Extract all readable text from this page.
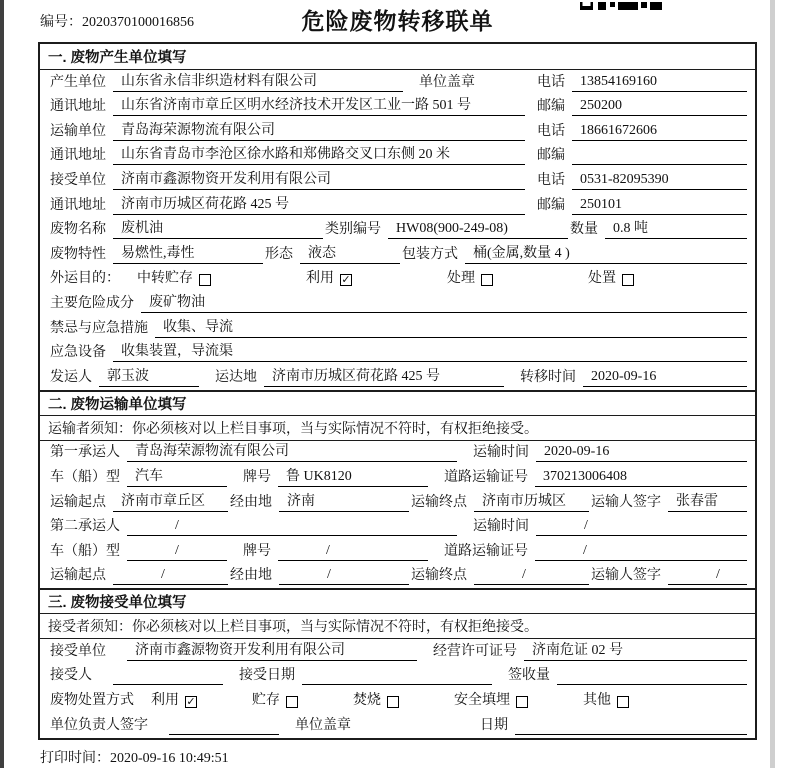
编号：2020370100016856	危险废物转移联单
一. 废物产生单位填写
产生单位	山东省永信非织造材料有限公司	单位盖章	电话	13854169160
通讯地址	山东省济南市章丘区明水经济技术开发区工业一路 501 号	邮编	250200
运输单位	青岛海荣源物流有限公司	电话	18661672606
通讯地址	山东省青岛市李沧区徐水路和郑佛路交叉口东侧 20 米	邮编
接受单位	济南市鑫源物资开发利用有限公司	电话	0531-82095390
通讯地址	济南市历城区荷花路 425 号	邮编	250101
废物名称	废机油	类别编号	HW08(900-249-08)	数量	0.8 吨
废物特性	易燃性,毒性	形态	液态	包装方式	桶(金属,数量 4 )
外运目的：	中转贮存	利用 ✓	处理	处置
主要危险成分	废矿物油
禁忌与应急措施	收集、导流
应急设备	收集装置，导流渠
发运人	郭玉波	运达地	济南市历城区荷花路 425 号	转移时间	2020-09-16
二. 废物运输单位填写
运输者须知：你必须核对以上栏目事项，当与实际情况不符时，有权拒绝接受。
第一承运人	青岛海荣源物流有限公司	运输时间	2020-09-16
车（船）型	汽车	牌号	鲁 UK8120	道路运输证号	370213006408
运输起点	济南市章丘区	经由地	济南	运输终点	济南市历城区	运输人签字	张春雷
第二承运人	/	运输时间	/
车（船）型	/	牌号	/	道路运输证号	/
运输起点	/	经由地	/	运输终点	/	运输人签字	/
三. 废物接受单位填写
接受者须知：你必须核对以上栏目事项，当与实际情况不符时，有权拒绝接受。
接受单位	济南市鑫源物资开发利用有限公司	经营许可证号	济南危证 02 号
接受人	接受日期	签收量
废物处置方式	利用 ✓	贮存	焚烧	安全填埋	其他
单位负责人签字	单位盖章	日期
打印时间：2020-09-16 10:49:51
